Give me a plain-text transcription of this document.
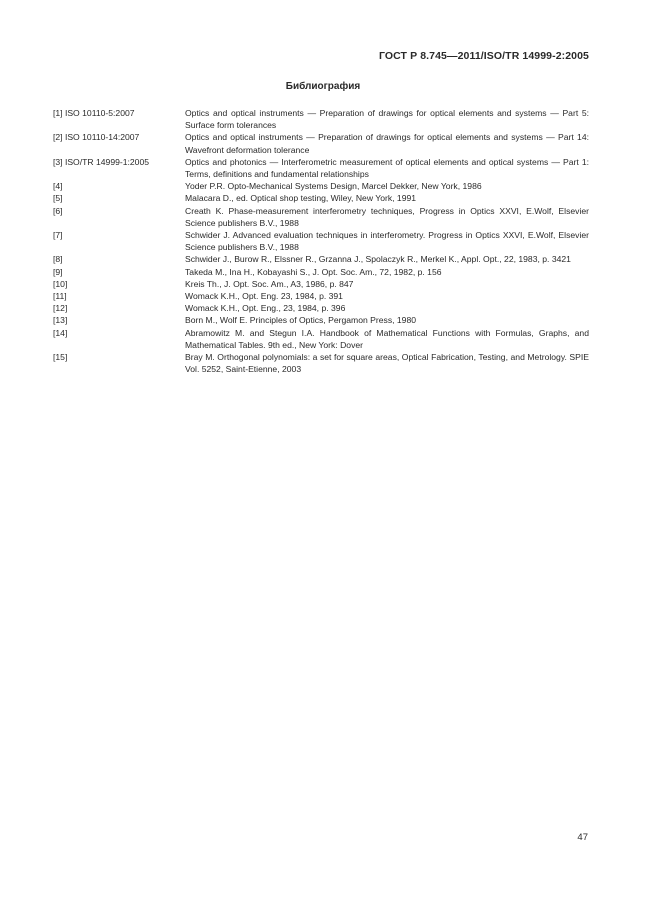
ГОСТ Р 8.745—2011/ISO/TR 14999-2:2005
Библиография
[1] ISO 10110-5:2007	Optics and optical instruments — Preparation of drawings for optical elements and systems — Part 5: Surface form tolerances
[2] ISO 10110-14:2007	Optics and optical instruments — Preparation of drawings for optical elements and systems — Part 14: Wavefront deformation tolerance
[3] ISO/TR 14999-1:2005	Optics and photonics — Interferometric measurement of optical elements and optical systems — Part 1: Terms, definitions and fundamental relationships
[4]	Yoder P.R. Opto-Mechanical Systems Design, Marcel Dekker, New York, 1986
[5]	Malacara D., ed. Optical shop testing, Wiley, New York, 1991
[6]	Creath K. Phase-measurement interferometry techniques, Progress in Optics XXVI, E.Wolf, Elsevier Science publishers B.V., 1988
[7]	Schwider J. Advanced evaluation techniques in interferometry. Progress in Optics XXVI, E.Wolf, Elsevier Science publishers B.V., 1988
[8]	Schwider J., Burow R., Elssner R., Grzanna J., Spolaczyk R., Merkel K., Appl. Opt., 22, 1983, p. 3421
[9]	Takeda M., Ina H., Kobayashi S., J. Opt. Soc. Am., 72, 1982, p. 156
[10]	Kreis Th., J. Opt. Soc. Am., A3, 1986, p. 847
[11]	Womack K.H., Opt. Eng. 23, 1984, p. 391
[12]	Womack K.H., Opt. Eng., 23, 1984, p. 396
[13]	Born M., Wolf E. Principles of Optics, Pergamon Press, 1980
[14]	Abramowitz M. and Stegun I.A. Handbook of Mathematical Functions with Formulas, Graphs, and Mathematical Tables. 9th ed., New York: Dover
[15]	Bray M. Orthogonal polynomials: a set for square areas, Optical Fabrication, Testing, and Metrology. SPIE Vol. 5252, Saint-Etienne, 2003
47
